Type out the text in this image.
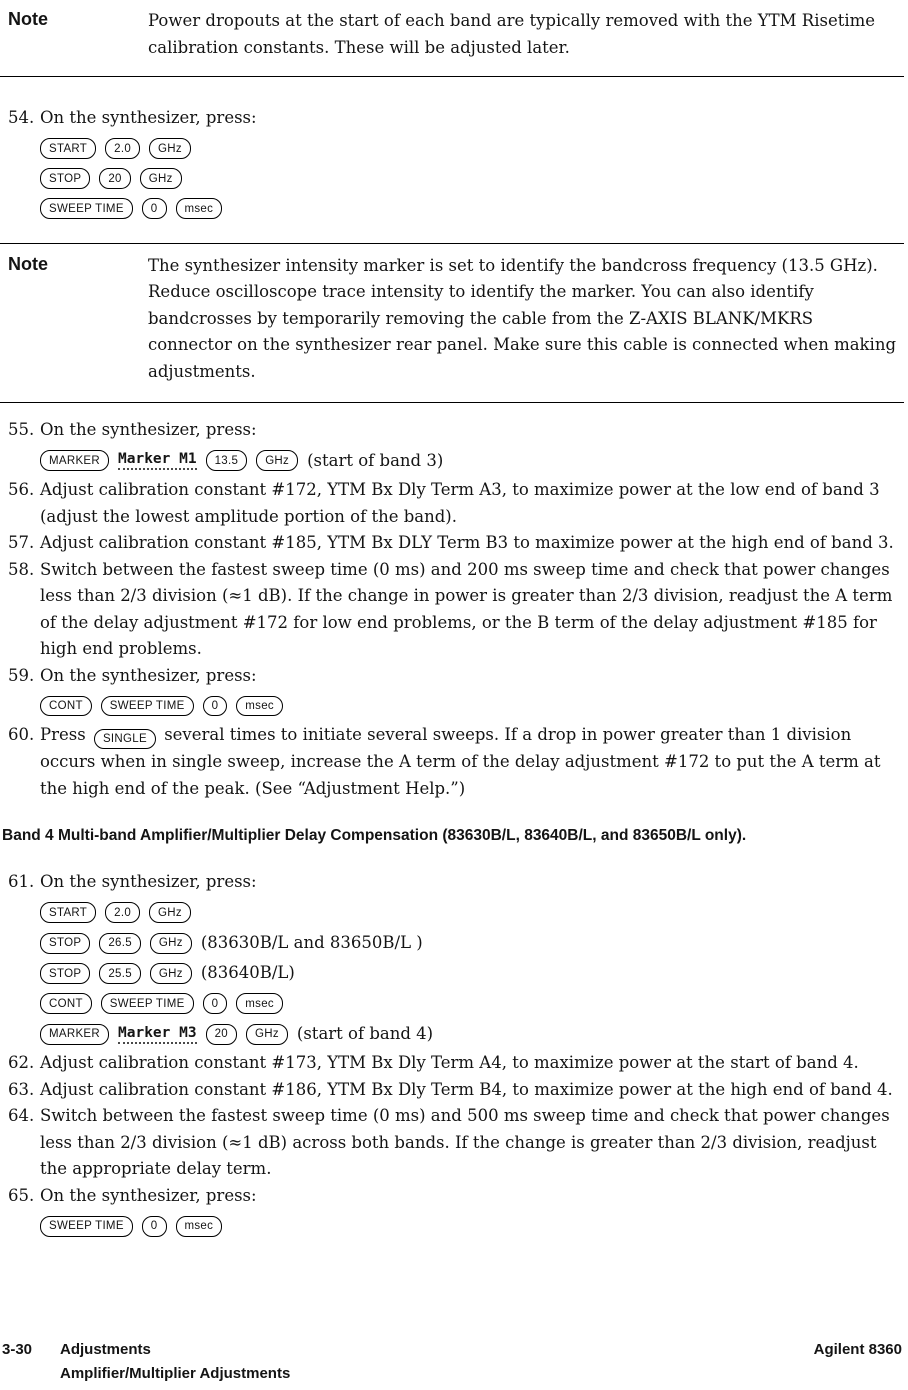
Note	Power dropouts at the start of each band are typically removed with the YTM Risetime calibration constants. These will be adjusted later.
54. On the synthesizer, press:
START	2.0	GHz
STOP	20	GHz
SWEEP TIME	0	msec
Note	The synthesizer intensity marker is set to identify the bandcross frequency (13.5 GHz). Reduce oscilloscope trace intensity to identify the marker. You can also identify bandcrosses by temporarily removing the cable from the Z-AXIS BLANK/MKRS connector on the synthesizer rear panel. Make sure this cable is connected when making adjustments.
55. On the synthesizer, press:
MARKER	Marker M1	13.5	GHz	(start of band 3)
56. Adjust calibration constant #172, YTM Bx Dly Term A3, to maximize power at the low end of band 3 (adjust the lowest amplitude portion of the band).
57. Adjust calibration constant #185, YTM Bx DLY Term B3 to maximize power at the high end of band 3.
58. Switch between the fastest sweep time (0 ms) and 200 ms sweep time and check that power changes less than 2/3 division (≈1 dB). If the change in power is greater than 2/3 division, readjust the A term of the delay adjustment #172 for low end problems, or the B term of the delay adjustment #185 for high end problems.
59. On the synthesizer, press:
CONT	SWEEP TIME	0	msec
60. Press SINGLE several times to initiate several sweeps. If a drop in power greater than 1 division occurs when in single sweep, increase the A term of the delay adjustment #172 to put the A term at the high end of the peak. (See “Adjustment Help.”)
Band 4 Multi-band Amplifier/Multiplier Delay Compensation (83630B/L, 83640B/L, and 83650B/L only).
61. On the synthesizer, press:
START	2.0	GHz
STOP	26.5	GHz	(83630B/L and 83650B/L )
STOP	25.5	GHz	(83640B/L)
CONT	SWEEP TIME	0	msec
MARKER	Marker M3	20	GHz	(start of band 4)
62. Adjust calibration constant #173, YTM Bx Dly Term A4, to maximize power at the start of band 4.
63. Adjust calibration constant #186, YTM Bx Dly Term B4, to maximize power at the high end of band 4.
64. Switch between the fastest sweep time (0 ms) and 500 ms sweep time and check that power changes less than 2/3 division (≈1 dB) across both bands. If the change is greater than 2/3 division, readjust the appropriate delay term.
65. On the synthesizer, press:
SWEEP TIME	0	msec
3-30	Adjustments
Amplifier/Multiplier Adjustments
Agilent 8360
